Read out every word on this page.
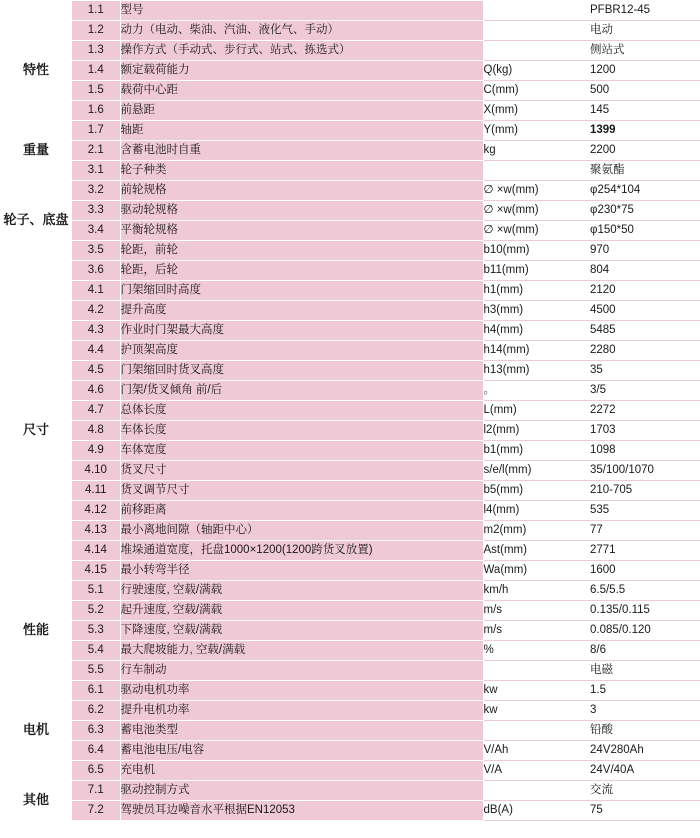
特性	1.1	型号		PFBR12-45
	1.2	动力（电动、柴油、汽油、液化气、手动）		电动
	1.3	操作方式（手动式、步行式、站式、拣选式）		侧站式
	1.4	额定载荷能力	Q(kg)	1200
	1.5	载荷中心距	C(mm)	500
	1.6	前悬距	X(mm)	145
	1.7	轴距	Y(mm)	1399
重量	2.1	含蓄电池时自重	kg	2200
轮子、底盘	3.1	轮子种类		聚氨酯
	3.2	前轮规格	∅ ×w(mm)	φ254*104
	3.3	驱动轮规格	∅ ×w(mm)	φ230*75
	3.4	平衡轮规格	∅ ×w(mm)	φ150*50
	3.5	轮距，前轮	b10(mm)	970
	3.6	轮距，后轮	b11(mm)	804
尺寸	4.1	门架缩回时高度	h1(mm)	2120
	4.2	提升高度	h3(mm)	4500
	4.3	作业时门架最大高度	h4(mm)	5485
	4.4	护顶架高度	h14(mm)	2280
	4.5	门架缩回时货叉高度	h13(mm)	35
	4.6	门架/货叉倾角 前/后	。	3/5
	4.7	总体长度	L(mm)	2272
	4.8	车体长度	l2(mm)	1703
	4.9	车体宽度	b1(mm)	1098
	4.10	货叉尺寸	s/e/l(mm)	35/100/1070
	4.11	货叉调节尺寸	b5(mm)	210-705
	4.12	前移距离	l4(mm)	535
	4.13	最小离地间隙（轴距中心）	m2(mm)	77
	4.14	堆垛通道宽度，托盘1000×1200(1200跨货叉放置)	Ast(mm)	2771
	4.15	最小转弯半径	Wa(mm)	1600
性能	5.1	行驶速度, 空载/满载	km/h	6.5/5.5
	5.2	起升速度, 空载/满载	m/s	0.135/0.115
	5.3	下降速度, 空载/满载	m/s	0.085/0.120
	5.4	最大爬坡能力, 空载/满载	%	8/6
	5.5	行车制动		电磁
电机	6.1	驱动电机功率	kw	1.5
	6.2	提升电机功率	kw	3
	6.3	蓄电池类型		铅酸
	6.4	蓄电池电压/电容	V/Ah	24V280Ah
	6.5	充电机	V/A	24V/40A
其他	7.1	驱动控制方式		交流
	7.2	驾驶员耳边噪音水平根据EN12053	dB(A)	75
